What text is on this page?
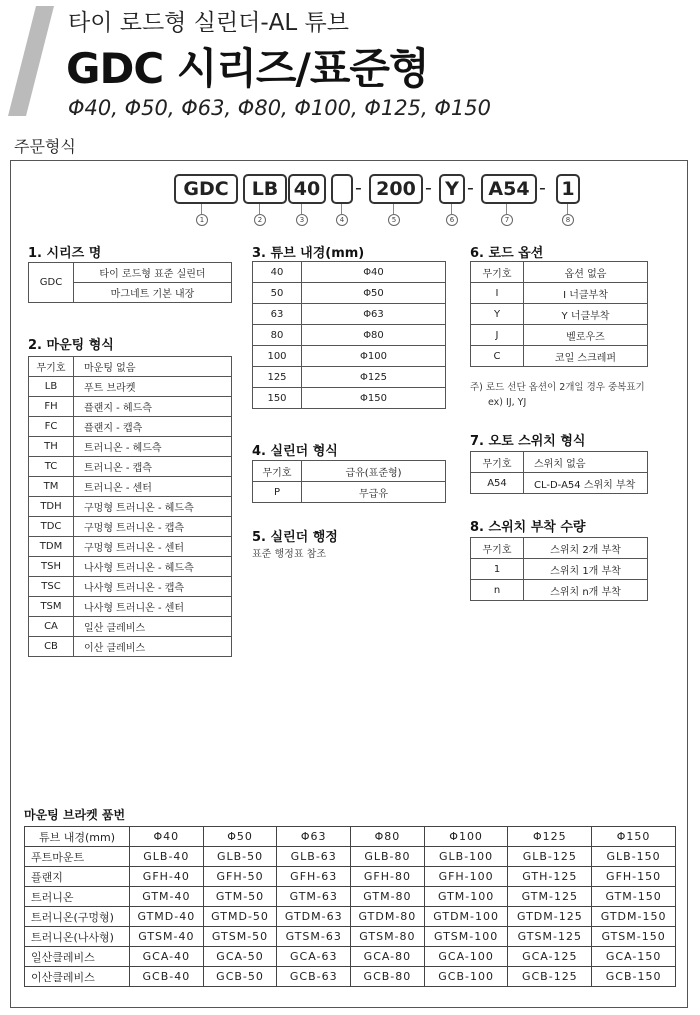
타이 로드형 실린더-AL 튜브
GDC 시리즈/표준형
Φ40, Φ50, Φ63, Φ80, Φ100, Φ125, Φ150
주문형식
GDC	LB 40	- 200 - Y - A54 - 1
1	2	3	4	5	6	7	8
1. 시리즈 명
GDC	타이 로드형 표준 실린더
마그네트 기본 내장
2. 마운팅 형식
무기호	마운팅 없음
LB	푸트 브라켓
FH	플랜지 - 헤드측
FC	플랜지 - 캡측
TH	트러니온 - 헤드측
TC	트러니온 - 캡측
TM	트러니온 - 센터
TDH	구멍형 트러니온 - 헤드측
TDC	구멍형 트러니온 - 캡측
TDM	구멍형 트러니온 - 센터
TSH	나사형 트러니온 - 헤드측
TSC	나사형 트러니온 - 캡측
TSM	나사형 트러니온 - 센터
CA	일산 클레비스
CB	이산 클레비스
3. 튜브 내경(mm)
40	Φ40
50	Φ50
63	Φ63
80	Φ80
100	Φ100
125	Φ125
150	Φ150
4. 실린더 형식
무기호	급유(표준형)
P	무급유
5. 실린더 행정
표준 행정표 참조
6. 로드 옵션
무기호	옵션 없음
I	I 너클부착
Y	Y 너클부착
J	벨로우즈
C	코일 스크레퍼
주) 로드 선단 옵션이 2개일 경우 중복표기
ex) IJ, YJ
7. 오토 스위치 형식
무기호	스위치 없음
A54	CL-D-A54 스위치 부착
8. 스위치 부착 수량
무기호	스위치 2개 부착
1	스위치 1개 부착
n	스위치 n개 부착
마운팅 브라켓 품번
튜브 내경(mm)	Φ40	Φ50	Φ63	Φ80	Φ100	Φ125	Φ150
푸트마운트	GLB-40	GLB-50	GLB-63	GLB-80	GLB-100	GLB-125	GLB-150
플랜지	GFH-40	GFH-50	GFH-63	GFH-80	GFH-100	GTH-125	GFH-150
트러니온	GTM-40	GTM-50	GTM-63	GTM-80	GTM-100	GTM-125	GTM-150
트러니온(구멍형)	GTMD-40	GTMD-50	GTDM-63	GTDM-80	GTDM-100	GTDM-125	GTDM-150
트러니온(나사형)	GTSM-40	GTSM-50	GTSM-63	GTSM-80	GTSM-100	GTSM-125	GTSM-150
일산클레비스	GCA-40	GCA-50	GCA-63	GCA-80	GCA-100	GCA-125	GCA-150
이산클레비스	GCB-40	GCB-50	GCB-63	GCB-80	GCB-100	GCB-125	GCB-150
